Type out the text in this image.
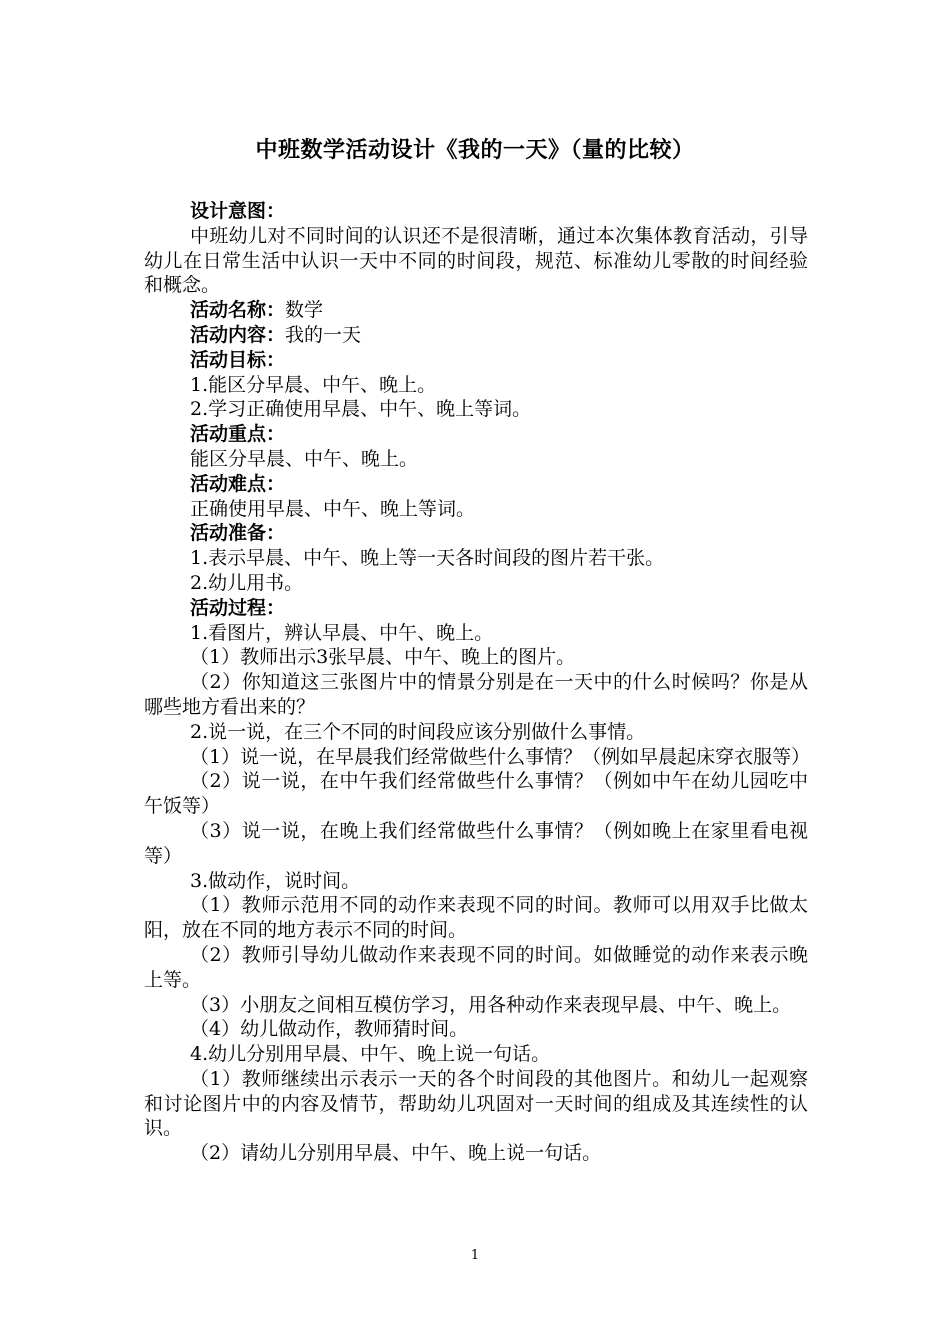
中班数学活动设计《我的一天》（量的比较）

设计意图：

中班幼儿对不同时间的认识还不是很清晰，通过本次集体教育活动，引导幼儿在日常生活中认识一天中不同的时间段，规范、标准幼儿零散的时间经验和概念。

活动名称：数学

活动内容：我的一天

活动目标：

1.能区分早晨、中午、晚上。

2.学习正确使用早晨、中午、晚上等词。

活动重点：

能区分早晨、中午、晚上。

活动难点：

正确使用早晨、中午、晚上等词。

活动准备：

1.表示早晨、中午、晚上等一天各时间段的图片若干张。

2.幼儿用书。

活动过程：

1.看图片，辨认早晨、中午、晚上。

（1）教师出示3张早晨、中午、晚上的图片。

（2）你知道这三张图片中的情景分别是在一天中的什么时候吗？你是从哪些地方看出来的？

2.说一说，在三个不同的时间段应该分别做什么事情。

（1）说一说，在早晨我们经常做些什么事情？（例如早晨起床穿衣服等）

（2）说一说，在中午我们经常做些什么事情？（例如中午在幼儿园吃中午饭等）

（3）说一说，在晚上我们经常做些什么事情？（例如晚上在家里看电视等）

3.做动作，说时间。

（1）教师示范用不同的动作来表现不同的时间。教师可以用双手比做太阳，放在不同的地方表示不同的时间。

（2）教师引导幼儿做动作来表现不同的时间。如做睡觉的动作来表示晚上等。

（3）小朋友之间相互模仿学习，用各种动作来表现早晨、中午、晚上。

（4）幼儿做动作，教师猜时间。

4.幼儿分别用早晨、中午、晚上说一句话。

（1）教师继续出示表示一天的各个时间段的其他图片。和幼儿一起观察和讨论图片中的内容及情节，帮助幼儿巩固对一天时间的组成及其连续性的认识。

（2）请幼儿分别用早晨、中午、晚上说一句话。

1
